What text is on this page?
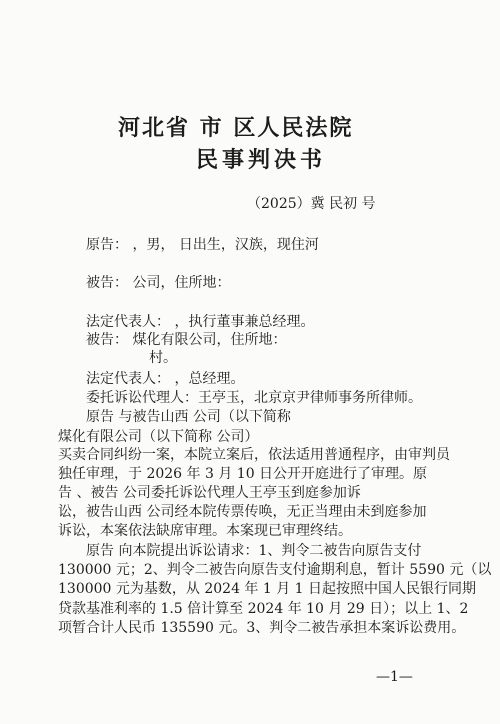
河北省 市 区人民法院
民事判决书
（2025）冀 民初 号
原告： ，男， 日出生，汉族，现住河
被告： 公司，住所地：
法定代表人： ，执行董事兼总经理。
被告： 煤化有限公司，住所地：
村。
法定代表人： ，总经理。
委托诉讼代理人：王亭玉，北京京尹律师事务所律师。
原告 与被告山西 公司（以下简称
煤化有限公司（以下简称 公司）
买卖合同纠纷一案，本院立案后，依法适用普通程序，由审判员
独任审理，于 2026 年 3 月 10 日公开开庭进行了审理。原
告 、被告 公司委托诉讼代理人王亭玉到庭参加诉
讼，被告山西 公司经本院传票传唤，无正当理由未到庭参加
诉讼，本案依法缺席审理。本案现已审理终结。
原告 向本院提出诉讼请求：1、判令二被告向原告支付
130000 元；2、判令二被告向原告支付逾期利息，暂计 5590 元（以
130000 元为基数，从 2024 年 1 月 1 日起按照中国人民银行同期
贷款基准利率的 1.5 倍计算至 2024 年 10 月 29 日）；以上 1、2
项暂合计人民币 135590 元。3、判令二被告承担本案诉讼费用。
—1—
